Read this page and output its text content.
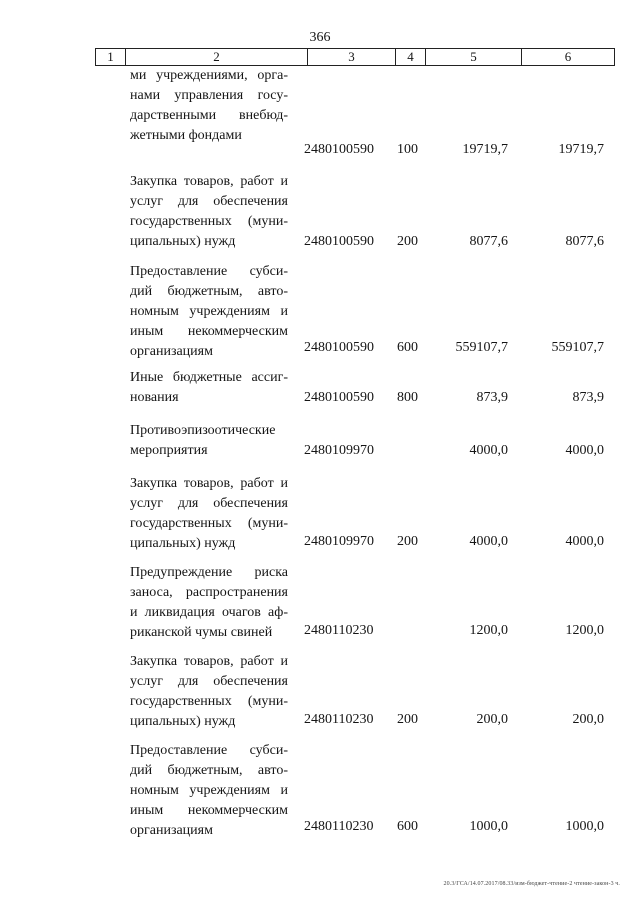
366
1	2	3	4	5	6
ми учреждениями, орга-
нами управления госу-
дарственными внебюд-
жетными фондами
2480100590 100	19719,7	19719,7
Закупка товаров, работ и
услуг для обеспечения
государственных (муни-
ципальных) нужд	2480100590 200	8077,6	8077,6
Предоставление субси-
дий бюджетным, авто-
номным учреждениям и
иным некоммерческим
организациям	2480100590 600	559107,7	559107,7
Иные бюджетные ассиг-
нования	2480100590 800	873,9	873,9
Противоэпизоотические
мероприятия	2480109970	4000,0	4000,0
Закупка товаров, работ и
услуг для обеспечения
государственных (муни-
ципальных) нужд	2480109970 200	4000,0	4000,0
Предупреждение риска
заноса, распространения
и ликвидация очагов аф-
риканской чумы свиней	2480110230	1200,0	1200,0
Закупка товаров, работ и
услуг для обеспечения
государственных (муни-
ципальных) нужд	2480110230 200	200,0	200,0
Предоставление субси-
дий бюджетным, авто-
номным учреждениям и
иным некоммерческим
организациям	2480110230 600	1000,0	1000,0
20.3/ГСА/14.07.2017/08.33/изм-бюджет-чтение-2 чтение-закон-3 ч.
